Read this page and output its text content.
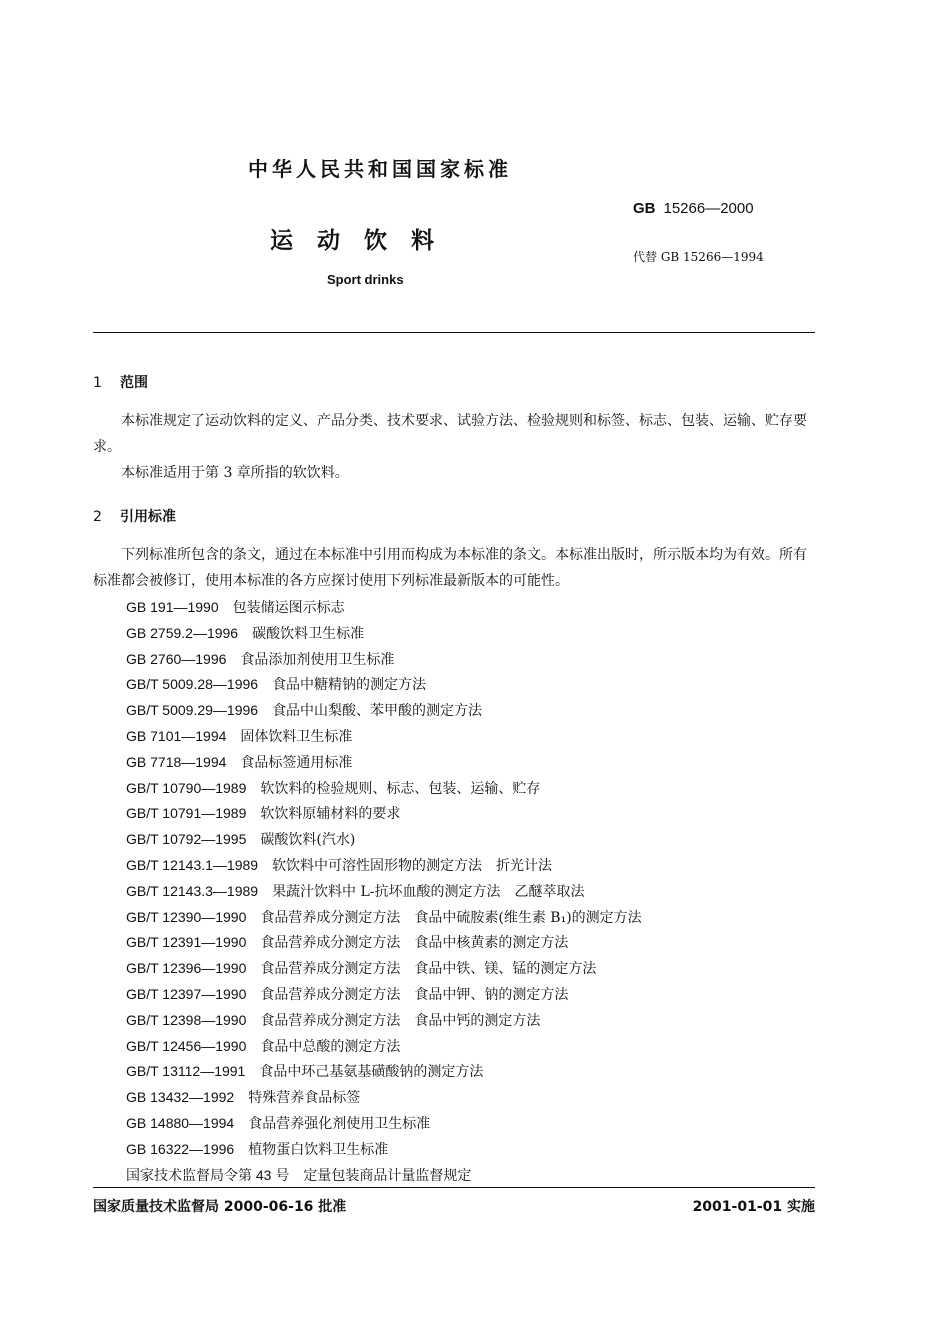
中华人民共和国国家标准
GB 15266—2000
运动饮料
代替 GB 15266—1994
Sport drinks
1 范围
本标准规定了运动饮料的定义、产品分类、技术要求、试验方法、检验规则和标签、标志、包装、运输、贮存要求。
本标准适用于第 3 章所指的软饮料。
2 引用标准
下列标准所包含的条文，通过在本标准中引用而构成为本标准的条文。本标准出版时，所示版本均为有效。所有标准都会被修订，使用本标准的各方应探讨使用下列标准最新版本的可能性。
GB 191—1990 包装储运图示标志
GB 2759.2—1996 碳酸饮料卫生标准
GB 2760—1996 食品添加剂使用卫生标准
GB/T 5009.28—1996 食品中糖精钠的测定方法
GB/T 5009.29—1996 食品中山梨酸、苯甲酸的测定方法
GB 7101—1994 固体饮料卫生标准
GB 7718—1994 食品标签通用标准
GB/T 10790—1989 软饮料的检验规则、标志、包装、运输、贮存
GB/T 10791—1989 软饮料原辅材料的要求
GB/T 10792—1995 碳酸饮料(汽水)
GB/T 12143.1—1989 软饮料中可溶性固形物的测定方法　折光计法
GB/T 12143.3—1989 果蔬汁饮料中 L-抗坏血酸的测定方法　乙醚萃取法
GB/T 12390—1990 食品营养成分测定方法　食品中硫胺素(维生素 B₁)的测定方法
GB/T 12391—1990 食品营养成分测定方法　食品中核黄素的测定方法
GB/T 12396—1990 食品营养成分测定方法　食品中铁、镁、锰的测定方法
GB/T 12397—1990 食品营养成分测定方法　食品中钾、钠的测定方法
GB/T 12398—1990 食品营养成分测定方法　食品中钙的测定方法
GB/T 12456—1990 食品中总酸的测定方法
GB/T 13112—1991 食品中环己基氨基磺酸钠的测定方法
GB 13432—1992 特殊营养食品标签
GB 14880—1994 食品营养强化剂使用卫生标准
GB 16322—1996 植物蛋白饮料卫生标准
国家技术监督局令第 43 号 定量包装商品计量监督规定
国家质量技术监督局 2000-06-16 批准	2001-01-01 实施
